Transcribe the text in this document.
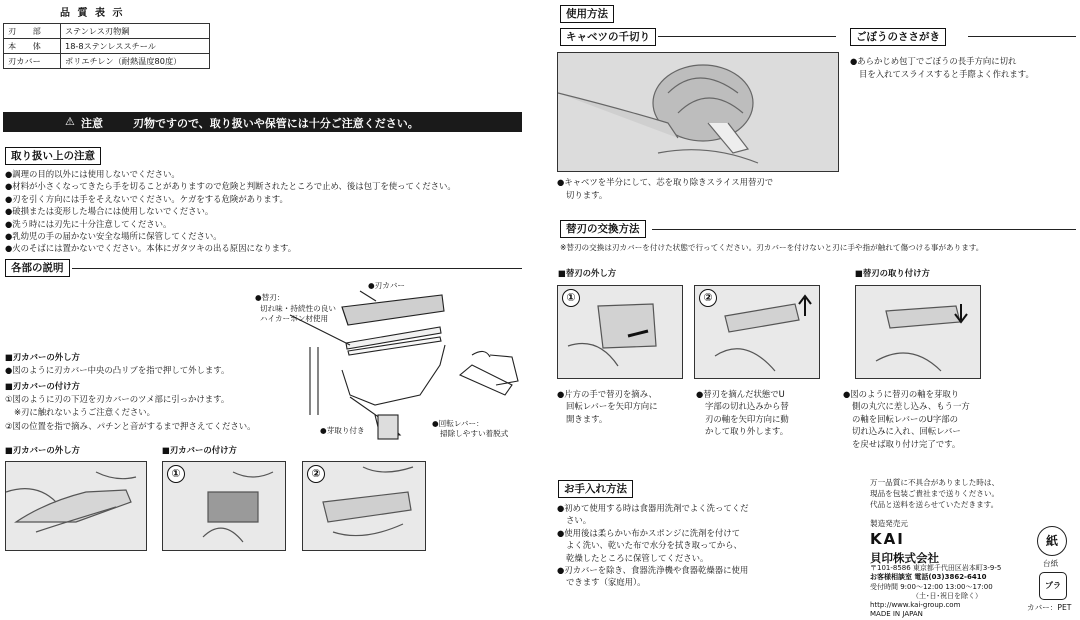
品 質 表 示
刃　　部	ステンレス刃物鋼
本　　体	18-8ステンレススチール
刃カバー	ポリエチレン（耐熱温度80度）
⚠ 注意	刃物ですので、取り扱いや保管には十分ご注意ください。
取り扱い上の注意

●調理の目的以外には使用しないでください。

●材料が小さくなってきたら手を切ることがありますので危険と判断されたところで止め、後は包丁を使ってください。

●刃を引く方向には手をそえないでください。ケガをする危険があります。

●破損または変形した場合には使用しないでください。

●洗う時には刃先に十分注意してください。

●乳幼児の手の届かない安全な場所に保管してください。

●火のそばには置かないでください。本体にガタツキの出る原因になります。

各部の説明
●替刃：
切れ味・持続性の良い
ハイカーボン材使用
●刃カバー
●芽取り付き
●回転レバー：
掃除しやすい着脱式
■刃カバーの外し方
●図のように刃カバー中央の凸リブを指で押して外します。
■刃カバーの付け方
①図のように刃の下辺を刃カバーのツメ部に引っかけます。
※刃に触れないようご注意ください。
②図の位置を指で摘み、パチンと音がするまで押さえてください。
■刃カバーの外し方	■刃カバーの付け方
①	②
使用方法
キャベツの千切り
●キャベツを半分にして、芯を取り除きスライス用替刃で
切ります。
ごぼうのささがき
●あらかじめ包丁でごぼうの長手方向に切れ
目を入れてスライスすると手際よく作れます。
替刃の交換方法
※替刃の交換は刃カバーを付けた状態で行ってください。刃カバーを付けないと刃に手や指が触れて傷つける事があります。
■替刃の外し方	■替刃の取り付け方
①	②

●片方の手で替刃を摘み、

回転レバーを矢印方向に

開きます。

●替刃を摘んだ状態でU

字部の切れ込みから替

刃の軸を矢印方向に動

かして取り外します。

●図のように替刃の軸を芽取り

側の丸穴に差し込み、もう一方

の軸を回転レバーのU字部の

切れ込みに入れ、回転レバー

を戻せば取り付け完了です。

お手入れ方法

●初めて使用する時は食器用洗剤でよく洗ってくだ

さい。

●使用後は柔らかい布かスポンジに洗剤を付けて

よく洗い、乾いた布で水分を拭き取ってから、

乾燥したところに保管してください。

●刃カバーを除き、食器洗浄機や食器乾燥器に使用

できます（家庭用）。

万一品質に不具合がありました時は、

現品を包装ご貴社まで送りください。

代品と送料を送らせていただきます。

製造発売元
KAI
貝印株式会社

〒101-8586 東京都千代田区岩本町3-9-5

お客様相談室 電話(03)3862-6410

受付時間 9:00～12:00 13:00～17:00

（土･日･祝日を除く）

http://www.kai-group.com

MADE IN JAPAN

紙
台紙
プラ
カバー：PET
